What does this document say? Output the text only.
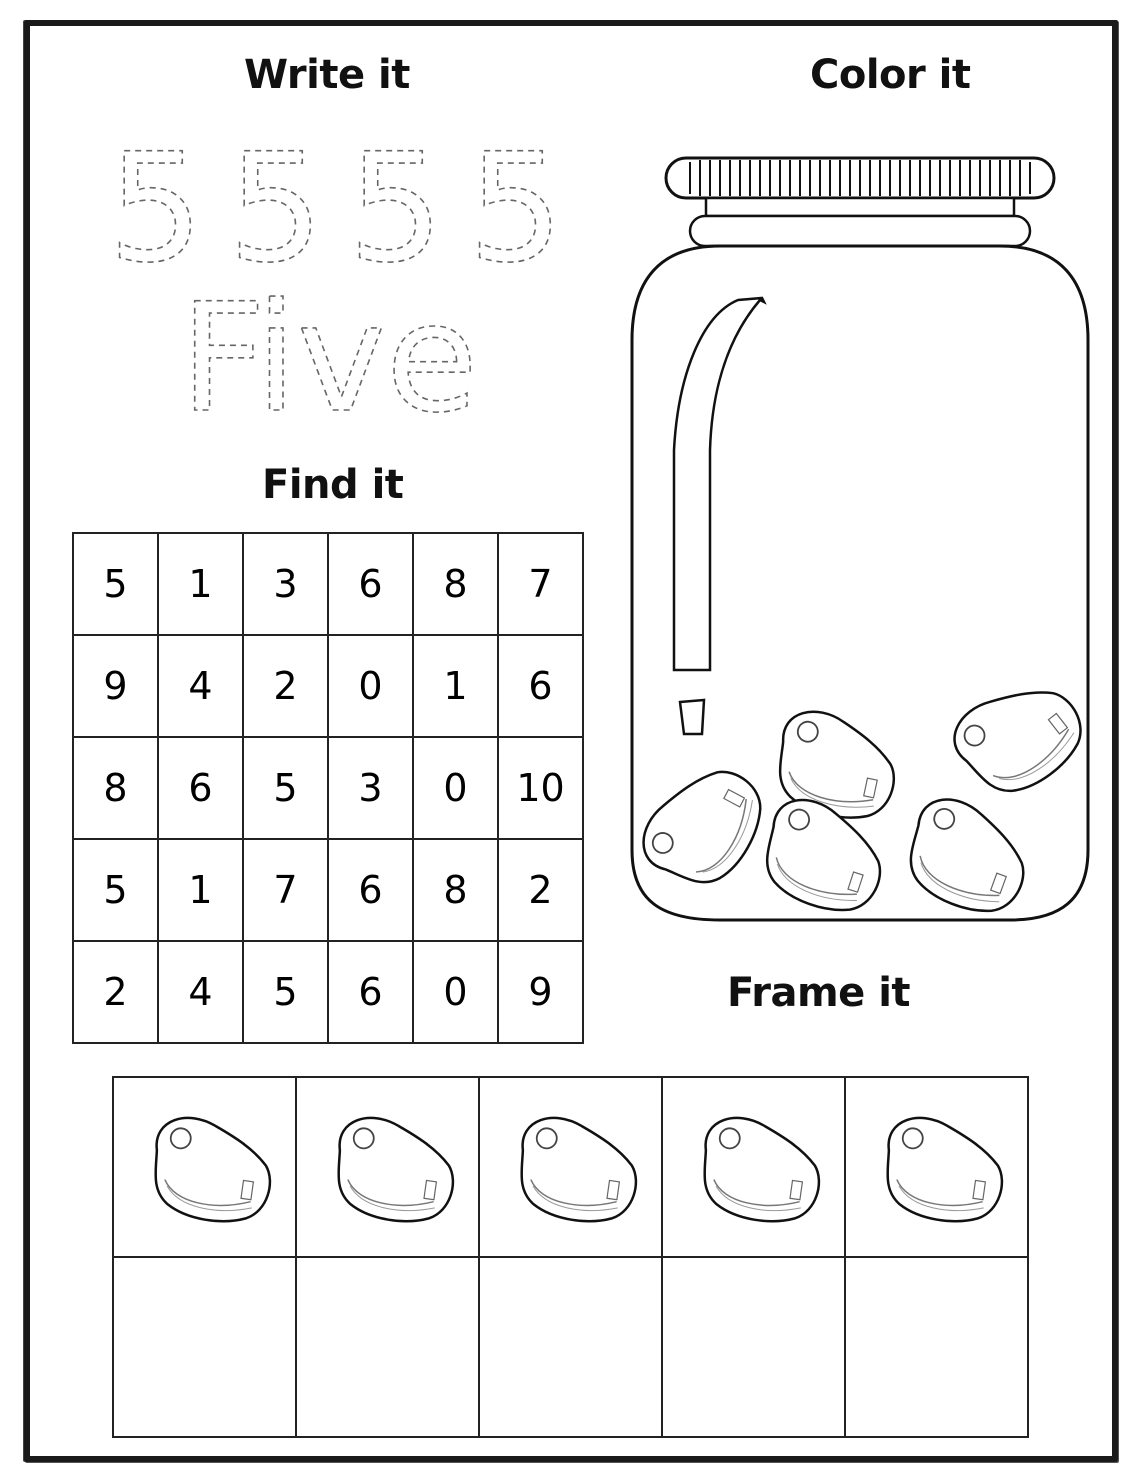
Write it	Color it
Find it
Frame it
5 5 5 5
Five
5	1	3	6	8	7
9	4	2	0	1	6
8	6	5	3	0	10
5	1	7	6	8	2
2	4	5	6	0	9
